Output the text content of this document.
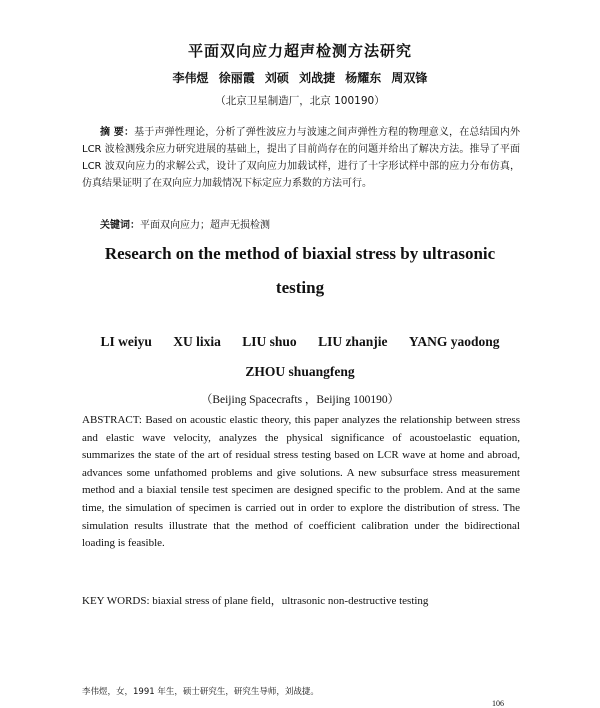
平面双向应力超声检测方法研究
李伟煜 徐丽霞 刘硕 刘战捷 杨耀东 周双锋
（北京卫星制造厂，北京 100190）
摘 要：基于声弹性理论，分析了弹性波应力与波速之间声弹性方程的物理意义，在总结国内外 LCR 波检测残余应力研究进展的基础上，提出了目前尚存在的问题并给出了解决方法。推导了平面 LCR 波双向应力的求解公式，设计了双向应力加载试样，进行了十字形试样中部的应力分布仿真，仿真结果证明了在双向应力加载情况下标定应力系数的方法可行。
关键词：平面双向应力；超声无损检测
Research on the method of biaxial stress by ultrasonic
testing
LI weiyu XU lixia LIU shuo LIU zhanjie YANG yaodong
ZHOU shuangfeng
（Beijing Spacecrafts ，Beijing 100190）
ABSTRACT: Based on acoustic elastic theory, this paper analyzes the relationship between stress and elastic wave velocity, analyzes the physical significance of acoustoelastic equation, summarizes the state of the art of residual stress testing based on LCR wave at home and abroad, advances some unfathomed problems and give solutions. A new subsurface stress measurement method and a biaxial tensile test specimen are designed specific to the problem. And at the same time, the simulation of specimen is carried out in order to explore the distribution of stress. The simulation results illustrate that the method of coefficient calibration under the bidirectional loading is feasible.
KEY WORDS: biaxial stress of plane field，ultrasonic non-destructive testing
李伟煜，女，1991 年生，硕士研究生，研究生导师，刘战捷。
106
